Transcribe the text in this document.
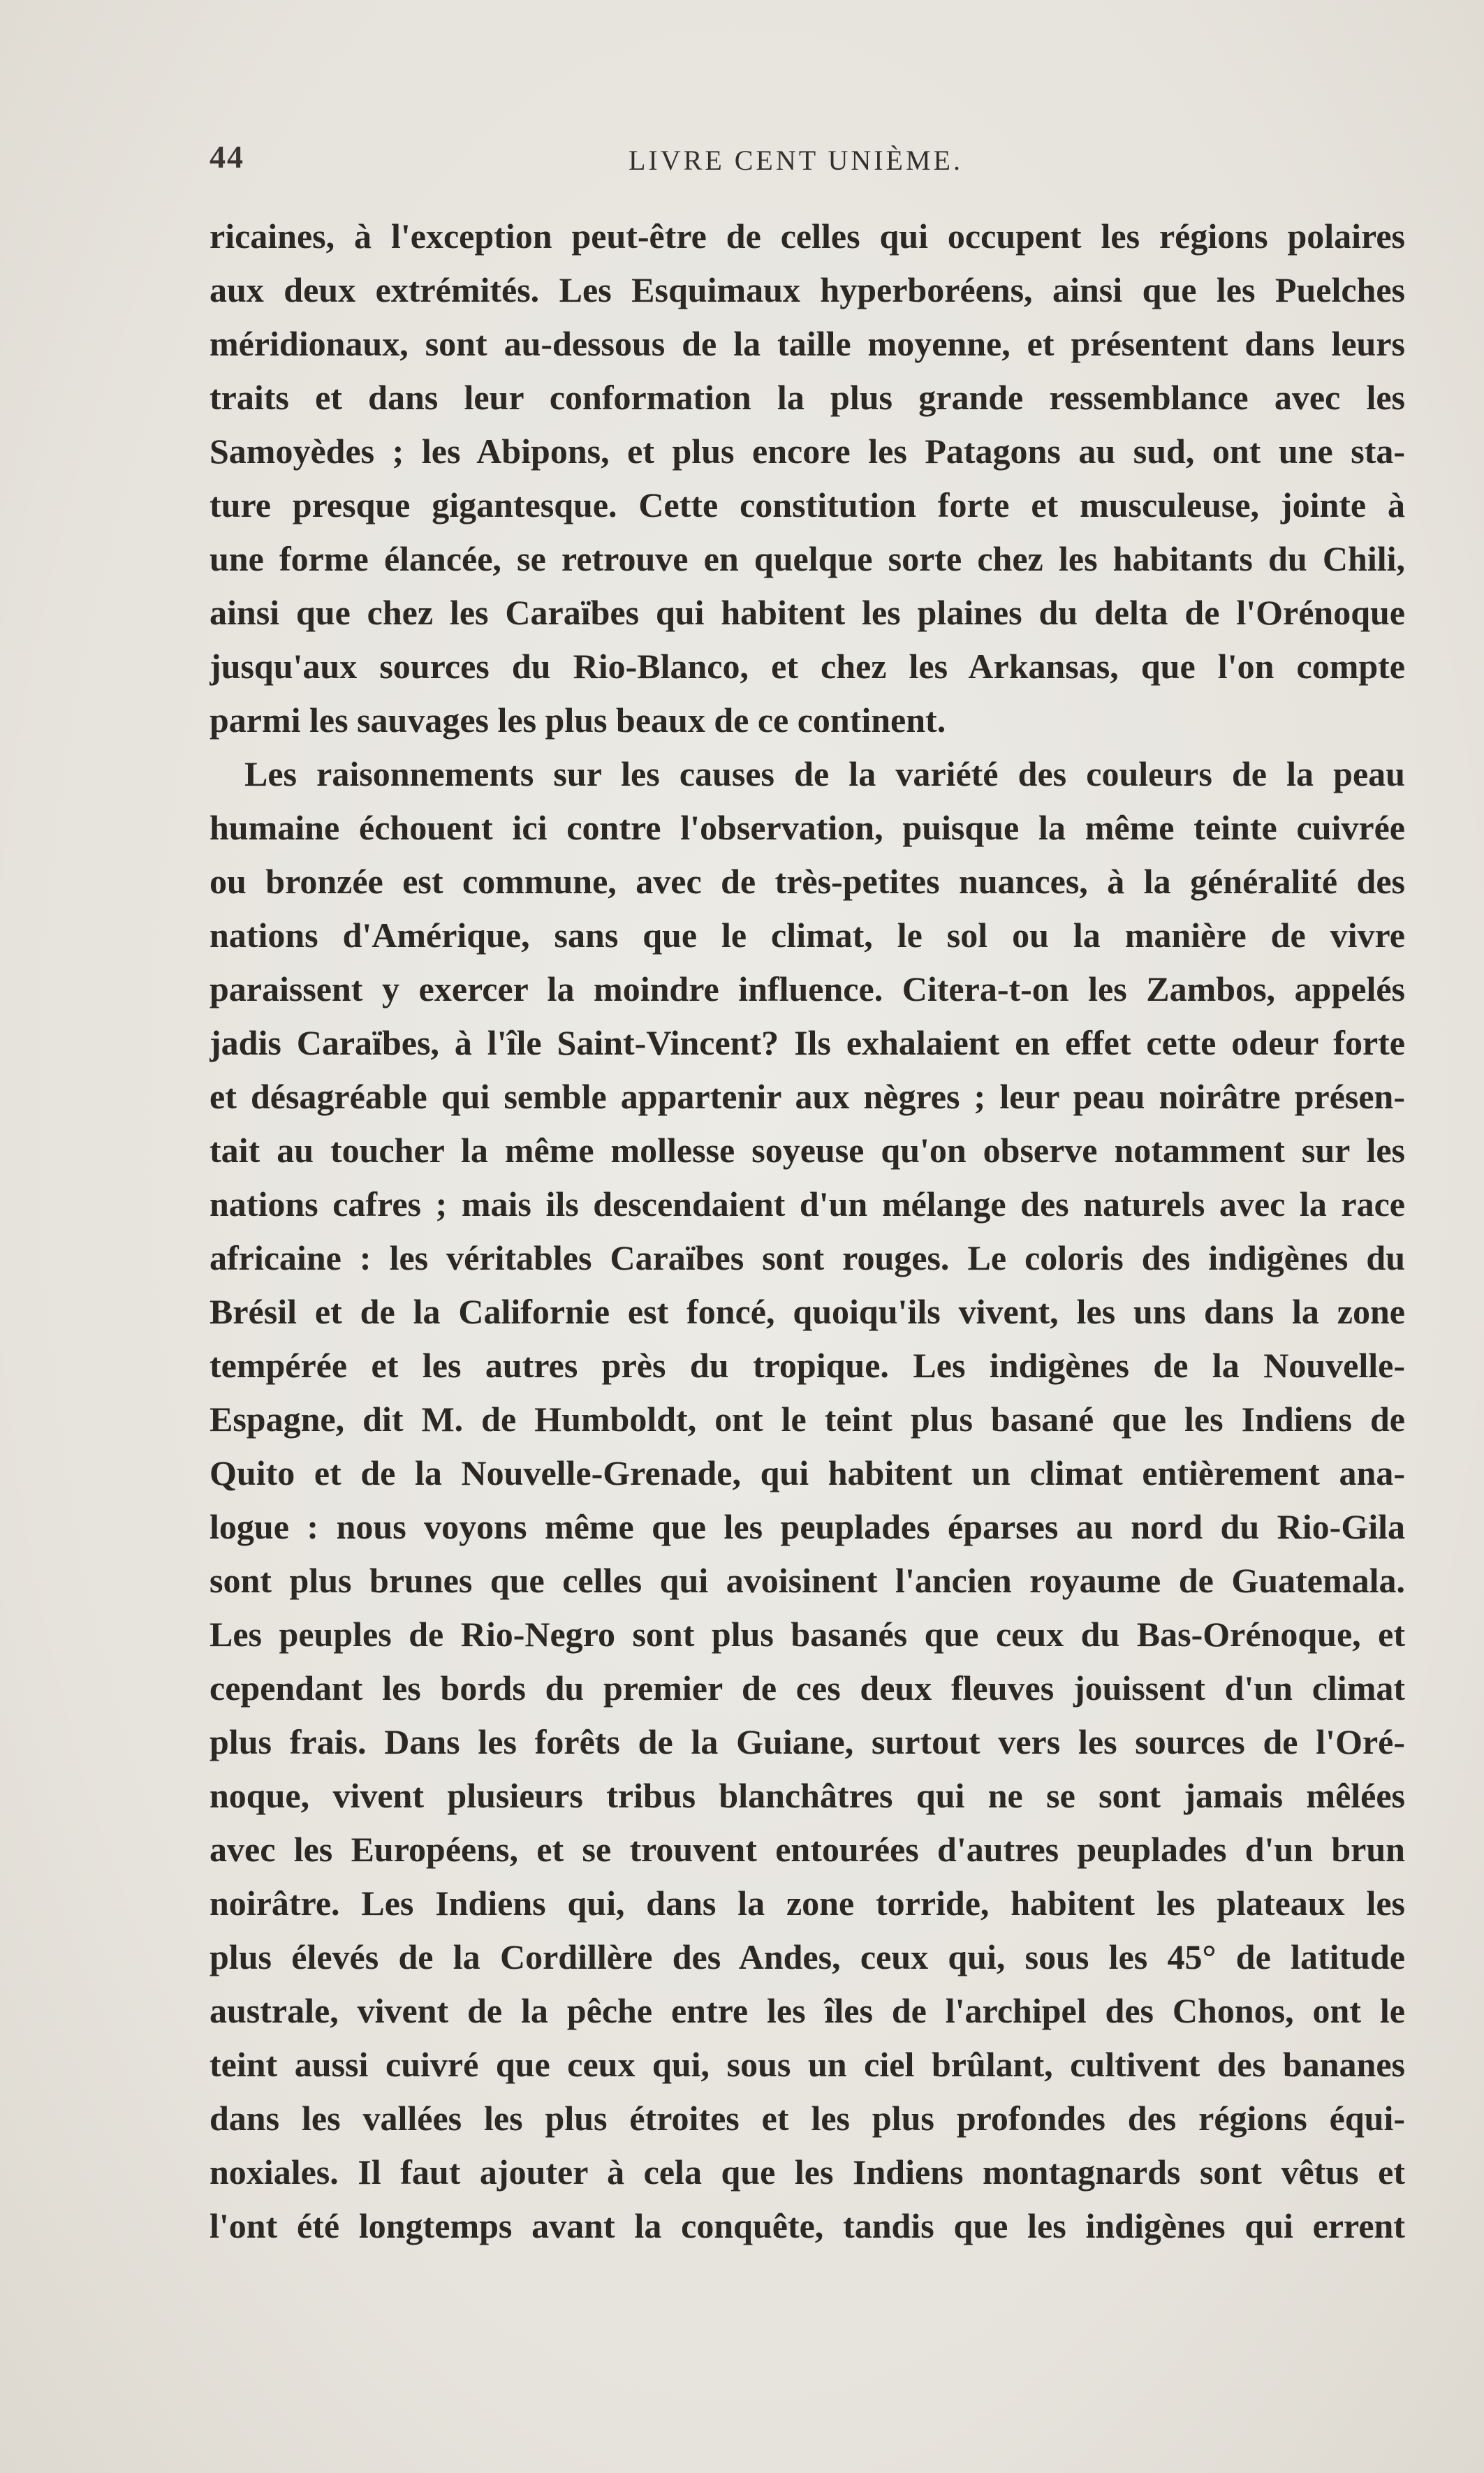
44	LIVRE CENT UNIÈME.
ricaines, à l'exception peut-être de celles qui occupent les régions polaires
aux deux extrémités. Les Esquimaux hyperboréens, ainsi que les Puelches
méridionaux, sont au-dessous de la taille moyenne, et présentent dans leurs
traits et dans leur conformation la plus grande ressemblance avec les
Samoyèdes ; les Abipons, et plus encore les Patagons au sud, ont une sta-
ture presque gigantesque. Cette constitution forte et musculeuse, jointe à
une forme élancée, se retrouve en quelque sorte chez les habitants du Chili,
ainsi que chez les Caraïbes qui habitent les plaines du delta de l'Orénoque
jusqu'aux sources du Rio-Blanco, et chez les Arkansas, que l'on compte
parmi les sauvages les plus beaux de ce continent.
Les raisonnements sur les causes de la variété des couleurs de la peau
humaine échouent ici contre l'observation, puisque la même teinte cuivrée
ou bronzée est commune, avec de très-petites nuances, à la généralité des
nations d'Amérique, sans que le climat, le sol ou la manière de vivre
paraissent y exercer la moindre influence. Citera-t-on les Zambos, appelés
jadis Caraïbes, à l'île Saint-Vincent? Ils exhalaient en effet cette odeur forte
et désagréable qui semble appartenir aux nègres ; leur peau noirâtre présen-
tait au toucher la même mollesse soyeuse qu'on observe notamment sur les
nations cafres ; mais ils descendaient d'un mélange des naturels avec la race
africaine : les véritables Caraïbes sont rouges. Le coloris des indigènes du
Brésil et de la Californie est foncé, quoiqu'ils vivent, les uns dans la zone
tempérée et les autres près du tropique. Les indigènes de la Nouvelle-
Espagne, dit M. de Humboldt, ont le teint plus basané que les Indiens de
Quito et de la Nouvelle-Grenade, qui habitent un climat entièrement ana-
logue : nous voyons même que les peuplades éparses au nord du Rio-Gila
sont plus brunes que celles qui avoisinent l'ancien royaume de Guatemala.
Les peuples de Rio-Negro sont plus basanés que ceux du Bas-Orénoque, et
cependant les bords du premier de ces deux fleuves jouissent d'un climat
plus frais. Dans les forêts de la Guiane, surtout vers les sources de l'Oré-
noque, vivent plusieurs tribus blanchâtres qui ne se sont jamais mêlées
avec les Européens, et se trouvent entourées d'autres peuplades d'un brun
noirâtre. Les Indiens qui, dans la zone torride, habitent les plateaux les
plus élevés de la Cordillère des Andes, ceux qui, sous les 45° de latitude
australe, vivent de la pêche entre les îles de l'archipel des Chonos, ont le
teint aussi cuivré que ceux qui, sous un ciel brûlant, cultivent des bananes
dans les vallées les plus étroites et les plus profondes des régions équi-
noxiales. Il faut ajouter à cela que les Indiens montagnards sont vêtus et
l'ont été longtemps avant la conquête, tandis que les indigènes qui errent
